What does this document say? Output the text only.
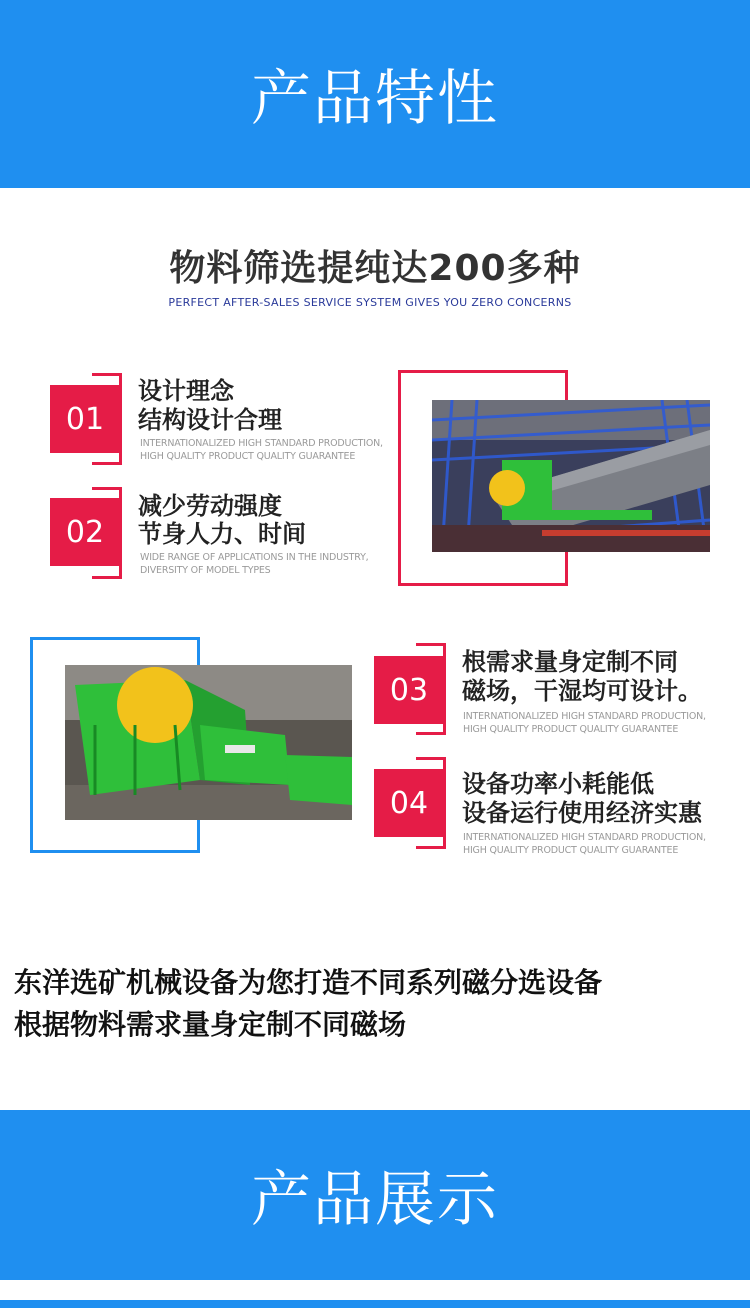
产品特性
物料筛选提纯达200多种
PERFECT AFTER-SALES SERVICE SYSTEM GIVES YOU ZERO CONCERNS
01
设计理念
结构设计合理
INTERNATIONALIZED HIGH STANDARD PRODUCTION,
HIGH QUALITY PRODUCT QUALITY GUARANTEE
02
减少劳动强度
节身人力、时间
WIDE RANGE OF APPLICATIONS IN THE INDUSTRY,
DIVERSITY OF MODEL TYPES
03
根需求量身定制不同
磁场，干湿均可设计。
INTERNATIONALIZED HIGH STANDARD PRODUCTION,
HIGH QUALITY PRODUCT QUALITY GUARANTEE
04
设备功率小耗能低
设备运行使用经济实惠
INTERNATIONALIZED HIGH STANDARD PRODUCTION,
HIGH QUALITY PRODUCT QUALITY GUARANTEE
东洋选矿机械设备为您打造不同系列磁分选设备
根据物料需求量身定制不同磁场
产品展示
